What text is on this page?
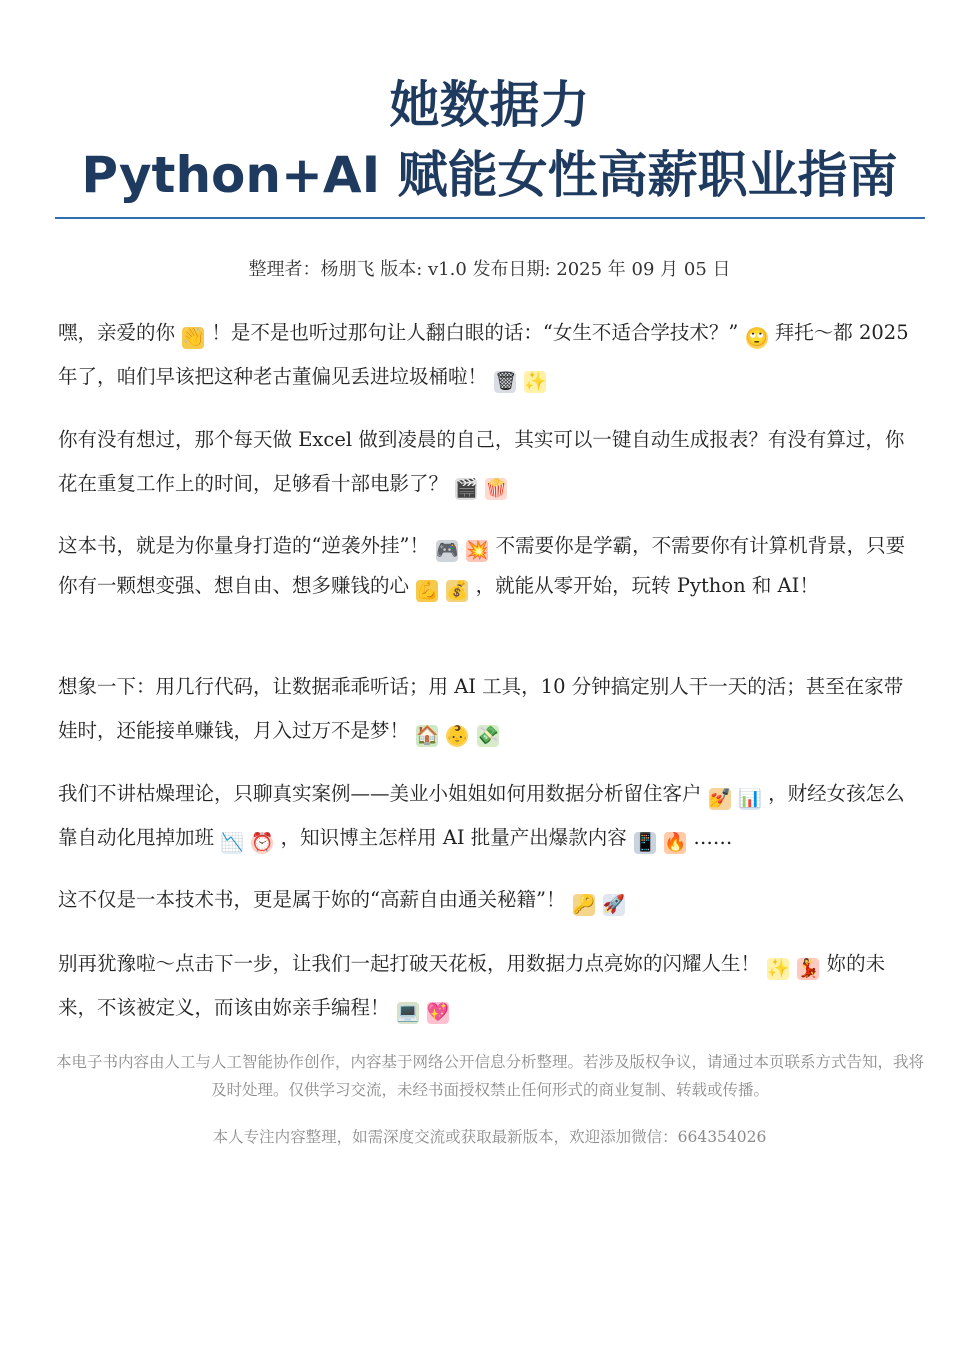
她数据力
Python+AI 赋能女性高薪职业指南
整理者：杨朋飞 版本: v1.0 发布日期: 2025 年 09 月 05 日

嘿，亲爱的你 👋 ！是不是也听过那句让人翻白眼的话：“女生不适合学技术？” 🙄 拜托～都 2025 年了，咱们早该把这种老古董偏见丢进垃圾桶啦！ 🗑 ✨

你有没有想过，那个每天做 Excel 做到凌晨的自己，其实可以一键自动生成报表？有没有算过，你花在重复工作上的时间，足够看十部电影了？ 🎬 🍿

这本书，就是为你量身打造的“逆袭外挂”！ 🎮 💥 不需要你是学霸，不需要你有计算机背景，只要你有一颗想变强、想自由、想多赚钱的心 💪 💰 ，就能从零开始，玩转 Python 和 AI！

想象一下：用几行代码，让数据乖乖听话；用 AI 工具，10 分钟搞定别人干一天的活；甚至在家带娃时，还能接单赚钱，月入过万不是梦！ 🏠 👶 💸

我们不讲枯燥理论，只聊真实案例——美业小姐姐如何用数据分析留住客户 💅 📊 ，财经女孩怎么靠自动化甩掉加班 📉 ⏰ ，知识博主怎样用 AI 批量产出爆款内容 📱 🔥 ……

这不仅是一本技术书，更是属于妳的“高薪自由通关秘籍”！ 🔑 🚀

别再犹豫啦～点击下一步，让我们一起打破天花板，用数据力点亮妳的闪耀人生！ ✨ 💃 妳的未来，不该被定义，而该由妳亲手编程！ 💻 💖

本电子书内容由人工与人工智能协作创作，内容基于网络公开信息分析整理。若涉及版权争议，请通过本页联系方式告知，我将及时处理。仅供学习交流，未经书面授权禁止任何形式的商业复制、转载或传播。

本人专注内容整理，如需深度交流或获取最新版本，欢迎添加微信：664354026
